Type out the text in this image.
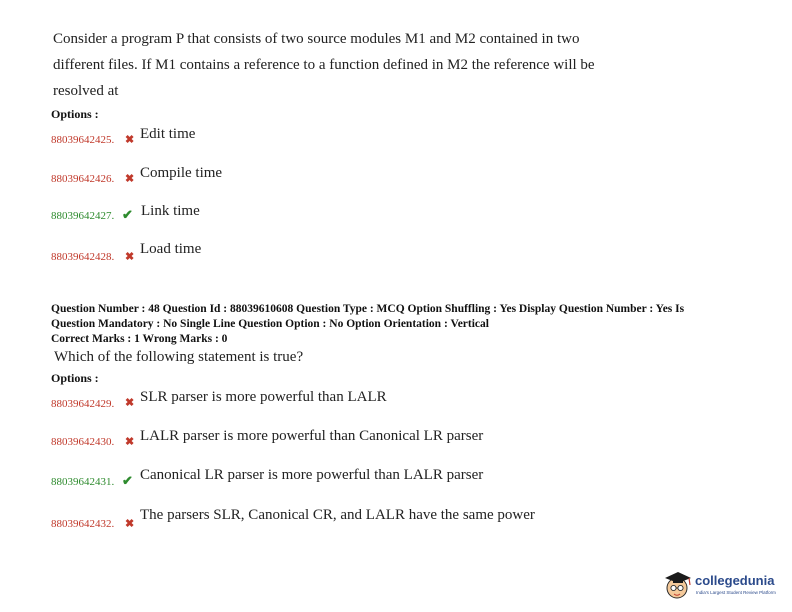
Consider a program P that consists of two source modules M1 and M2 contained in two different files. If M1 contains a reference to a function defined in M2 the reference will be resolved at
Options :
88039642425. ✖ Edit time
88039642426. ✖ Compile time
88039642427. ✔ Link time
88039642428. ✖ Load time
Question Number : 48 Question Id : 88039610608 Question Type : MCQ Option Shuffling : Yes Display Question Number : Yes Is
Question Mandatory : No Single Line Question Option : No Option Orientation : Vertical
Correct Marks : 1 Wrong Marks : 0
Which of the following statement is true?
Options :
88039642429. ✖ SLR parser is more powerful than LALR
88039642430. ✖ LALR parser is more powerful than Canonical LR parser
88039642431. ✔ Canonical LR parser is more powerful than LALR parser
88039642432. ✖
The parsers SLR, Canonical CR, and LALR have the same power
collegedunia
India's Largest Student Review Platform
